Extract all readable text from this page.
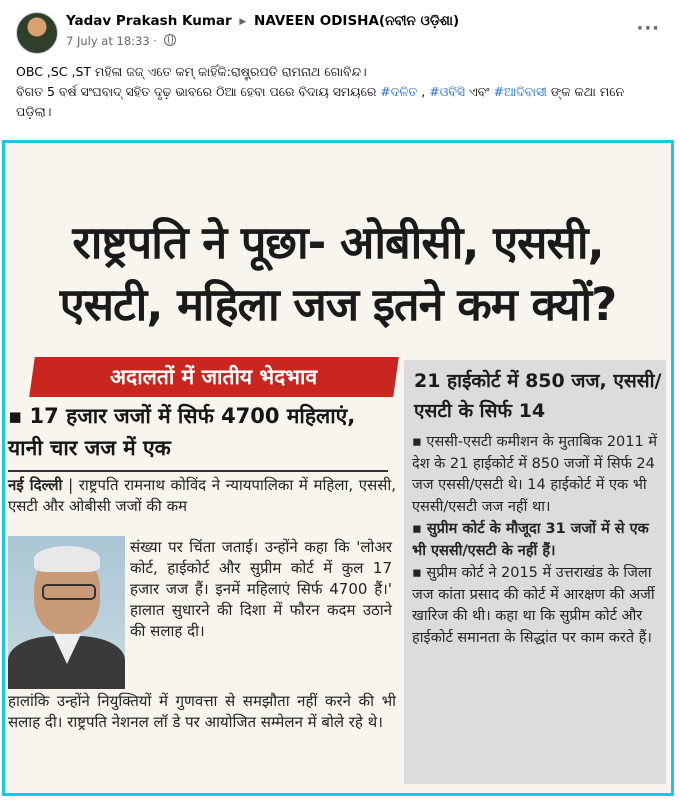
Yadav Prakash Kumar ▶ NAVEEN ODISHA(ନବୀନ ଓଡ଼ିଶା)
7 July at 18:33 ·
···
OBC ,SC ,ST ମହିଳା ଜଜ୍ ଏତେ କମ୍ କାହିଁକି:ରାଷ୍ଟ୍ରପତି ରାମନାଥ ଗୋବିନ୍ଦ।
ବିଗତ 5 ବର୍ଷ ସଂଘବାଦ୍ ସହିତ ଦୃଢ଼ ଭାବରେ ଠିଆ ହେବା ପରେ ବିଦାୟ ସମୟରେ #ଦଳିତ , #ଓବିସି ଏବଂ #ଆଦିବାସୀ ଙ୍କ କଥା ମନେ ପଡ଼ିଲା।
राष्ट्रपति ने पूछा- ओबीसी, एससी,
एसटी, महिला जज इतने कम क्यों?
अदालतों में जातीय भेदभाव
▪ 17 हजार जजों में सिर्फ 4700 महिलाएं, यानी चार जज में एक
नई दिल्ली | राष्ट्रपति रामनाथ कोविंद ने न्यायपालिका में महिला, एससी, एसटी और ओबीसी जजों की कम
संख्या पर चिंता जताई। उन्होंने कहा कि 'लोअर कोर्ट, हाईकोर्ट और सुप्रीम कोर्ट में कुल 17 हजार जज हैं। इनमें महिलाएं सिर्फ 4700 हैं।' हालात सुधारने की दिशा में फौरन कदम उठाने की सलाह दी।
हालांकि उन्होंने नियुक्तियों में गुणवत्ता से समझौता नहीं करने की भी सलाह दी। राष्ट्रपति नेशनल लॉ डे पर आयोजित सम्मेलन में बोले रहे थे।
21 हाईकोर्ट में 850 जज, एससी/एसटी के सिर्फ 14

▪ एससी-एसटी कमीशन के मुताबिक 2011 में देश के 21 हाईकोर्ट में 850 जजों में सिर्फ 24 जज एससी/एसटी थे। 14 हाईकोर्ट में एक भी एससी/एसटी जज नहीं था।

▪ सुप्रीम कोर्ट के मौजूदा 31 जजों में से एक भी एससी/एसटी के नहीं हैं।

▪ सुप्रीम कोर्ट ने 2015 में उत्तराखंड के जिला जज कांता प्रसाद की कोर्ट में आरक्षण की अर्जी खारिज की थी। कहा था कि सुप्रीम कोर्ट और हाईकोर्ट समानता के सिद्धांत पर काम करते हैं।
